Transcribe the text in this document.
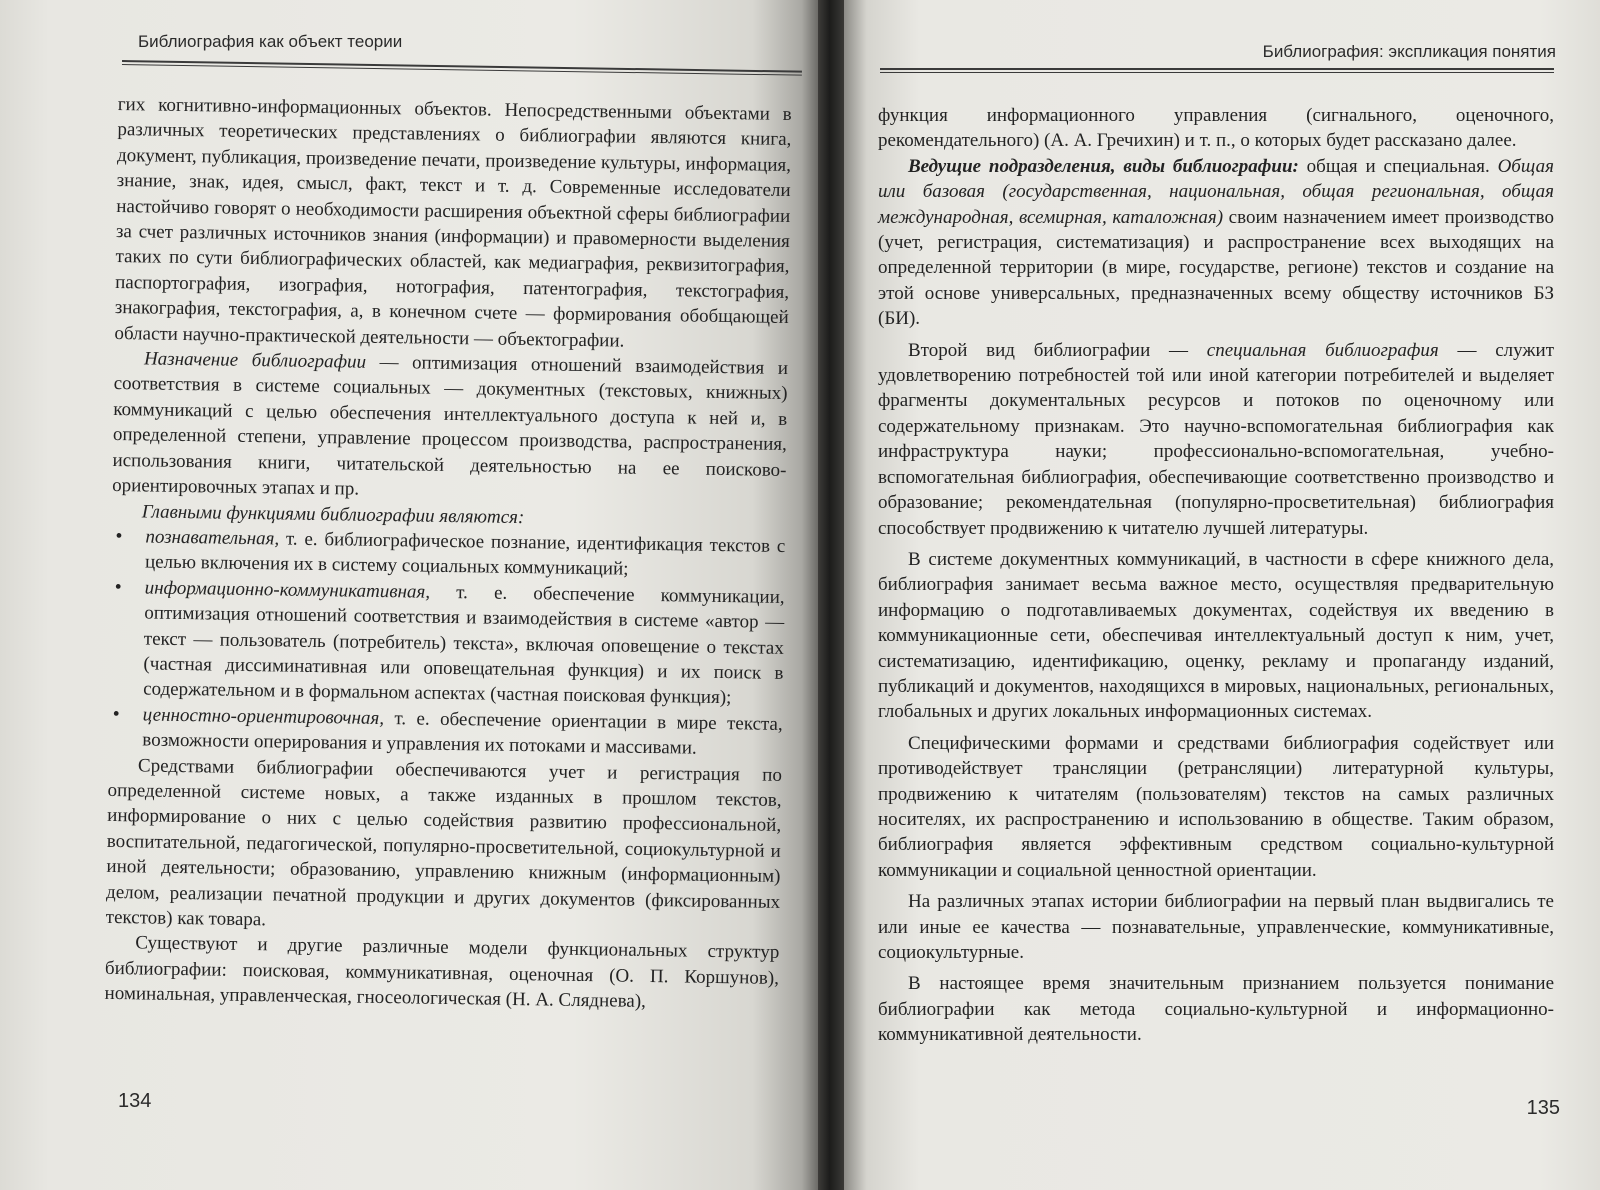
Библиография как объект теории

гих когнитивно-информационных объектов. Непосредственными объектами в различных теоретических представлениях о библиографии являются книга, документ, публикация, произведение печати, произведение культуры, информация, знание, знак, идея, смысл, факт, текст и т. д. Современные исследователи настойчиво говорят о необходимости расширения объектной сферы библиографии за счет различных источников знания (информации) и правомерности выделения таких по сути библиографических областей, как медиаграфия, реквизитография, паспортография, изография, нотография, патентография, текстография, знакография, текстография, а, в конечном счете — формирования обобщающей области научно-практической деятельности — объектографии.

Назначение библиографии — оптимизация отношений взаимодействия и соответствия в системе социальных — документных (текстовых, книжных) коммуникаций с целью обеспечения интеллектуального доступа к ней и, в определенной степени, управление процессом производства, распространения, использования книги, читательской деятельностью на ее поисково-ориентировочных этапах и пр.

Главными функциями библиографии являются:

• познавательная, т. е. библиографическое познание, идентификация текстов с целью включения их в систему социальных коммуникаций;
• информационно-коммуникативная, т. е. обеспечение коммуникации, оптимизация отношений соответствия и взаимодействия в системе «автор — текст — пользователь (потребитель) текста», включая оповещение о текстах (частная диссиминативная или оповещательная функция) и их поиск в содержательном и в формальном аспектах (частная поисковая функция);
• ценностно-ориентировочная, т. е. обеспечение ориентации в мире текста, возможности оперирования и управления их потоками и массивами.

Средствами библиографии обеспечиваются учет и регистрация по определенной системе новых, а также изданных в прошлом текстов, информирование о них с целью содействия развитию профессиональной, воспитательной, педагогической, популярно-просветительной, социокультурной и иной деятельности; образованию, управлению книжным (информационным) делом, реализации печатной продукции и других документов (фиксированных текстов) как товара.

Существуют и другие различные модели функциональных структур библиографии: поисковая, коммуникативная, оценочная (О. П. Коршунов), номинальная, управленческая, гносеологическая (Н. А. Сляднева),

134
Библиография: экспликация понятия

функция информационного управления (сигнального, оценочного, рекомендательного) (А. А. Гречихин) и т. п., о которых будет рассказано далее.

Ведущие подразделения, виды библиографии: общая и специальная. Общая или базовая (государственная, национальная, общая региональная, общая международная, всемирная, каталожная) своим назначением имеет производство (учет, регистрация, систематизация) и распространение всех выходящих на определенной территории (в мире, государстве, регионе) текстов и создание на этой основе универсальных, предназначенных всему обществу источников БЗ (БИ).

Второй вид библиографии — специальная библиография — служит удовлетворению потребностей той или иной категории потребителей и выделяет фрагменты документальных ресурсов и потоков по оценочному или содержательному признакам. Это научно-вспомогательная библиография как инфраструктура науки; профессионально-вспомогательная, учебно-вспомогательная библиография, обеспечивающие соответственно производство и образование; рекомендательная (популярно-просветительная) библиография способствует продвижению к читателю лучшей литературы.

В системе документных коммуникаций, в частности в сфере книжного дела, библиография занимает весьма важное место, осуществляя предварительную информацию о подготавливаемых документах, содействуя их введению в коммуникационные сети, обеспечивая интеллектуальный доступ к ним, учет, систематизацию, идентификацию, оценку, рекламу и пропаганду изданий, публикаций и документов, находящихся в мировых, национальных, региональных, глобальных и других локальных информационных системах.

Специфическими формами и средствами библиография содействует или противодействует трансляции (ретрансляции) литературной культуры, продвижению к читателям (пользователям) текстов на самых различных носителях, их распространению и использованию в обществе. Таким образом, библиография является эффективным средством социально-культурной коммуникации и социальной ценностной ориентации.

На различных этапах истории библиографии на первый план выдвигались те или иные ее качества — познавательные, управленческие, коммуникативные, социокультурные.

В настоящее время значительным признанием пользуется понимание библиографии как метода социально-культурной и информационно-коммуникативной деятельности.

135
